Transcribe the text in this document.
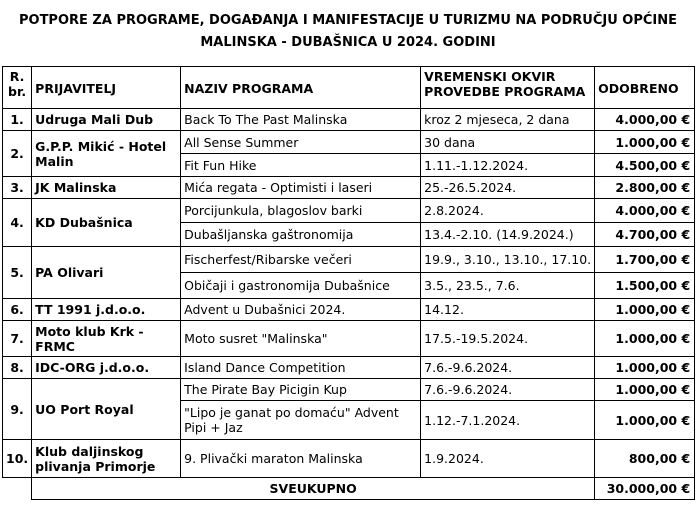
POTPORE ZA PROGRAME, DOGAĐANJA I MANIFESTACIJE U TURIZMU NA PODRUČJU OPĆINE
MALINSKA - DUBAŠNICA U 2024. GODINI
R. br.	PRIJAVITELJ	NAZIV PROGRAMA	VREMENSKI OKVIR PROVEDBE PROGRAMA	ODOBRENO
1.	Udruga Mali Dub	Back To The Past Malinska	kroz 2 mjeseca, 2 dana	4.000,00 €
2.	G.P.P. Mikić - Hotel Malin	All Sense Summer	30 dana	1.000,00 €
		Fit Fun Hike	1.11.-1.12.2024.	4.500,00 €
3.	JK Malinska	Mića regata - Optimisti i laseri	25.-26.5.2024.	2.800,00 €
4.	KD Dubašnica	Porcijunkula, blagoslov barki	2.8.2024.	4.000,00 €
		Dubašljanska gaštronomija	13.4.-2.10. (14.9.2024.)	4.700,00 €
5.	PA Olivari	Fischerfest/Ribarske večeri	19.9., 3.10., 13.10., 17.10.	1.700,00 €
		Običaji i gastronomija Dubašnice	3.5., 23.5., 7.6.	1.500,00 €
6.	TT 1991 j.d.o.o.	Advent u Dubašnici 2024.	14.12.	1.000,00 €
7.	Moto klub Krk - FRMC	Moto susret "Malinska"	17.5.-19.5.2024.	1.000,00 €
8.	IDC-ORG j.d.o.o.	Island Dance Competition	7.6.-9.6.2024.	1.000,00 €
9.	UO Port Royal	The Pirate Bay Picigin Kup	7.6.-9.6.2024.	1.000,00 €
		"Lipo je ganat po domaću" Advent Pipi + Jaz	1.12.-7.1.2024.	1.000,00 €
10.	Klub daljinskog plivanja Primorje	9. Plivački maraton Malinska	1.9.2024.	800,00 €
	SVEUKUPNO			30.000,00 €
